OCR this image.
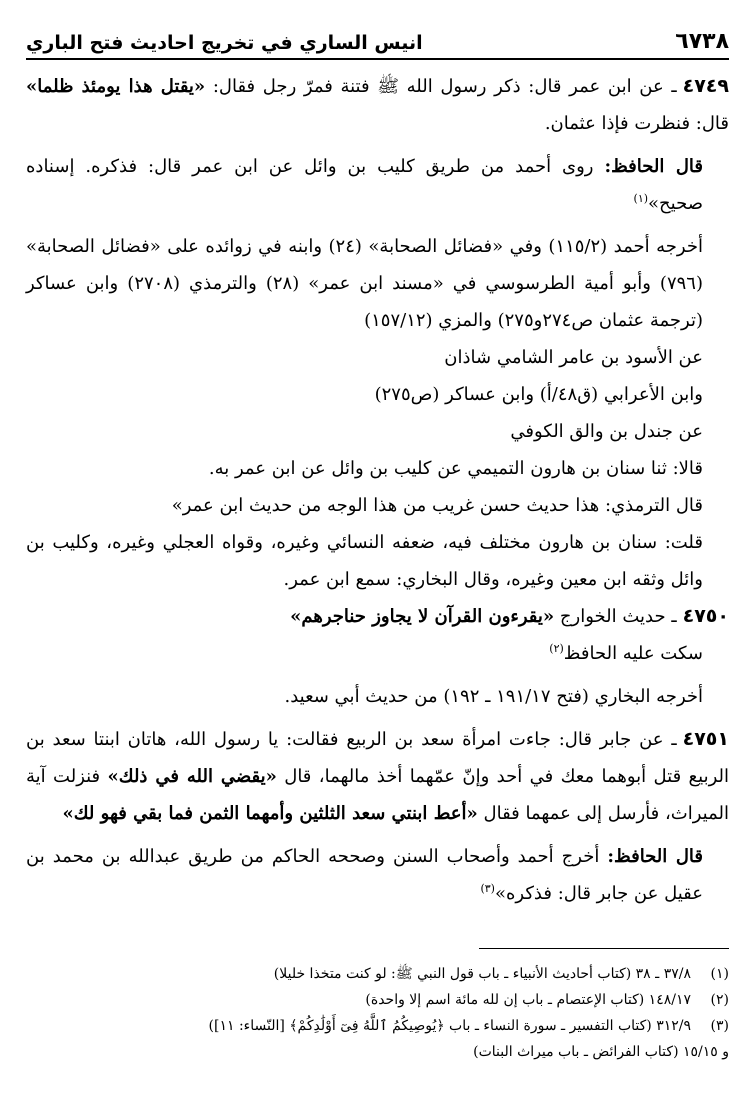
٦٧٣٨
انيس الساري في تخريج احاديث فتح الباري

٤٧٤٩ـ عن ابن عمر قال: ذكر رسول الله ﷺ فتنة فمرّ رجل فقال: «يقتل هذا يومئذ ظلما» قال: فنظرت فإذا عثمان.

قال الحافظ: روى أحمد من طريق كليب بن وائل عن ابن عمر قال: فذكره. إسناده صحيح»$^{(١)}$

أخرجه أحمد (١١٥/٢) وفي «فضائل الصحابة» (٢٤) وابنه في زوائده على «فضائل الصحابة» (٧٩٦) وأبو أمية الطرسوسي في «مسند ابن عمر» (٢٨) والترمذي (٢٧٠٨) وابن عساكر (ترجمة عثمان ص٢٧٤و٢٧٥) والمزي (١٥٧/١٢)

عن الأسود بن عامر الشامي شاذان

وابن الأعرابي (ق٤٨/أ) وابن عساكر (ص٢٧٥)

عن جندل بن والق الكوفي

قالا: ثنا سنان بن هارون التميمي عن كليب بن وائل عن ابن عمر به.

قال الترمذي: هذا حديث حسن غريب من هذا الوجه من حديث ابن عمر»

قلت: سنان بن هارون مختلف فيه، ضعفه النسائي وغيره، وقواه العجلي وغيره، وكليب بن وائل وثقه ابن معين وغيره، وقال البخاري: سمع ابن عمر.

٤٧٥٠ـ حديث الخوارج «يقرءون القرآن لا يجاوز حناجرهم»

سكت عليه الحافظ$^{(٢)}$

أخرجه البخاري (فتح ١٩١/١٧ ـ ١٩٢) من حديث أبي سعيد.

٤٧٥١ـ عن جابر قال: جاءت امرأة سعد بن الربيع فقالت: يا رسول الله، هاتان ابنتا سعد بن الربيع قتل أبوهما معك في أحد وإنّ عمّهما أخذ مالهما، قال «يقضي الله في ذلك» فنزلت آية الميراث، فأرسل إلى عمهما فقال «أعط ابنتي سعد الثلثين وأمهما الثمن فما بقي فهو لك»

قال الحافظ: أخرج أحمد وأصحاب السنن وصححه الحاكم من طريق عبدالله بن محمد بن عقيل عن جابر قال: فذكره»$^{(٣)}$

(١)
٣٧/٨ ـ ٣٨ (كتاب أحاديث الأنبياء ـ باب قول النبي ﷺ: لو كنت متخذا خليلا)

(٢)
١٤٨/١٧ (كتاب الإعتصام ـ باب إن لله مائة اسم إلا واحدة)

(٣)
٣١٢/٩ (كتاب التفسير ـ سورة النساء ـ باب ﴿يُوصِيكُمُ ٱللَّهُ فِىٓ أَوْلَٰدِكُمْ﴾ [النّساء: ١١])

و ١٥/١٥ (كتاب الفرائض ـ باب ميراث البنات)
